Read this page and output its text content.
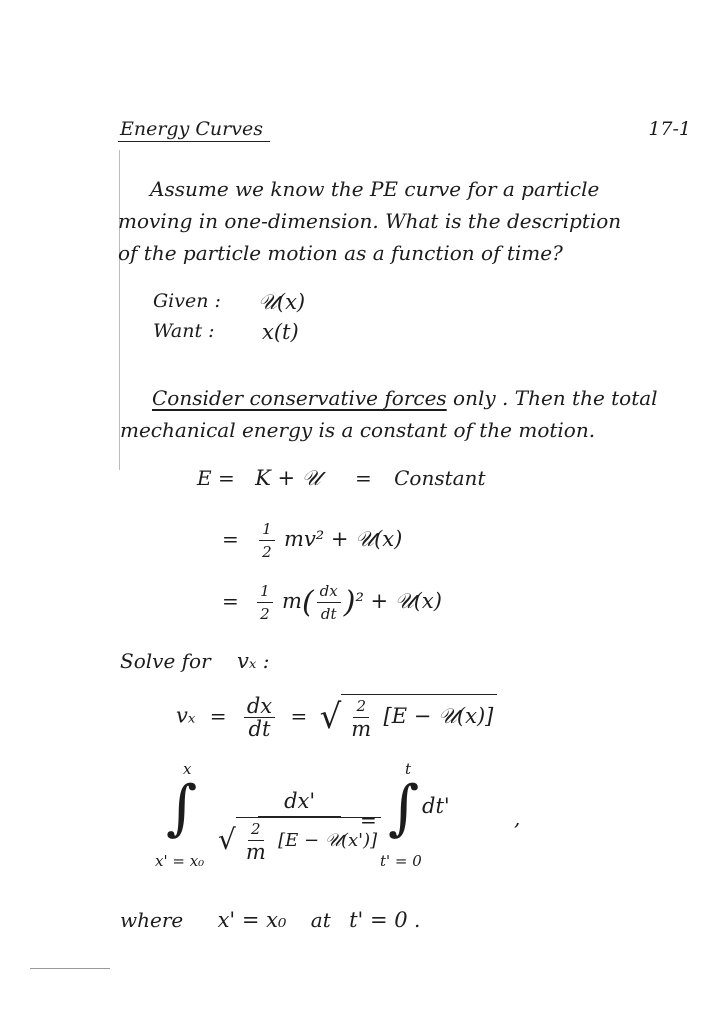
Energy Curves	17-1
Assume we know the PE curve for a particle
moving in one-dimension. What is the description
of the particle motion as a function of time?
Given : 𝒰(x)
Want : x(t)
Consider conservative forces only . Then the total
mechanical energy is a constant of the motion.
E = K + 𝒰 = Constant
= $\frac{1}{2} mv^2$ + 𝒰(x)
= $\frac{1}{2} m( \frac{dx}{dt} )^2$ + 𝒰(x)
Solve for vₓ :
$v_x = \frac{dx}{dt}$ = √ $\frac{2}{m} [E$ − 𝒰(x)]
x
∫
x' = x₀
dx'
√ $\frac{2}{m} [E$ − 𝒰(x')]
=
t
∫
t' = 0
dt'	,
where x' = x₀ at t' = 0 .
